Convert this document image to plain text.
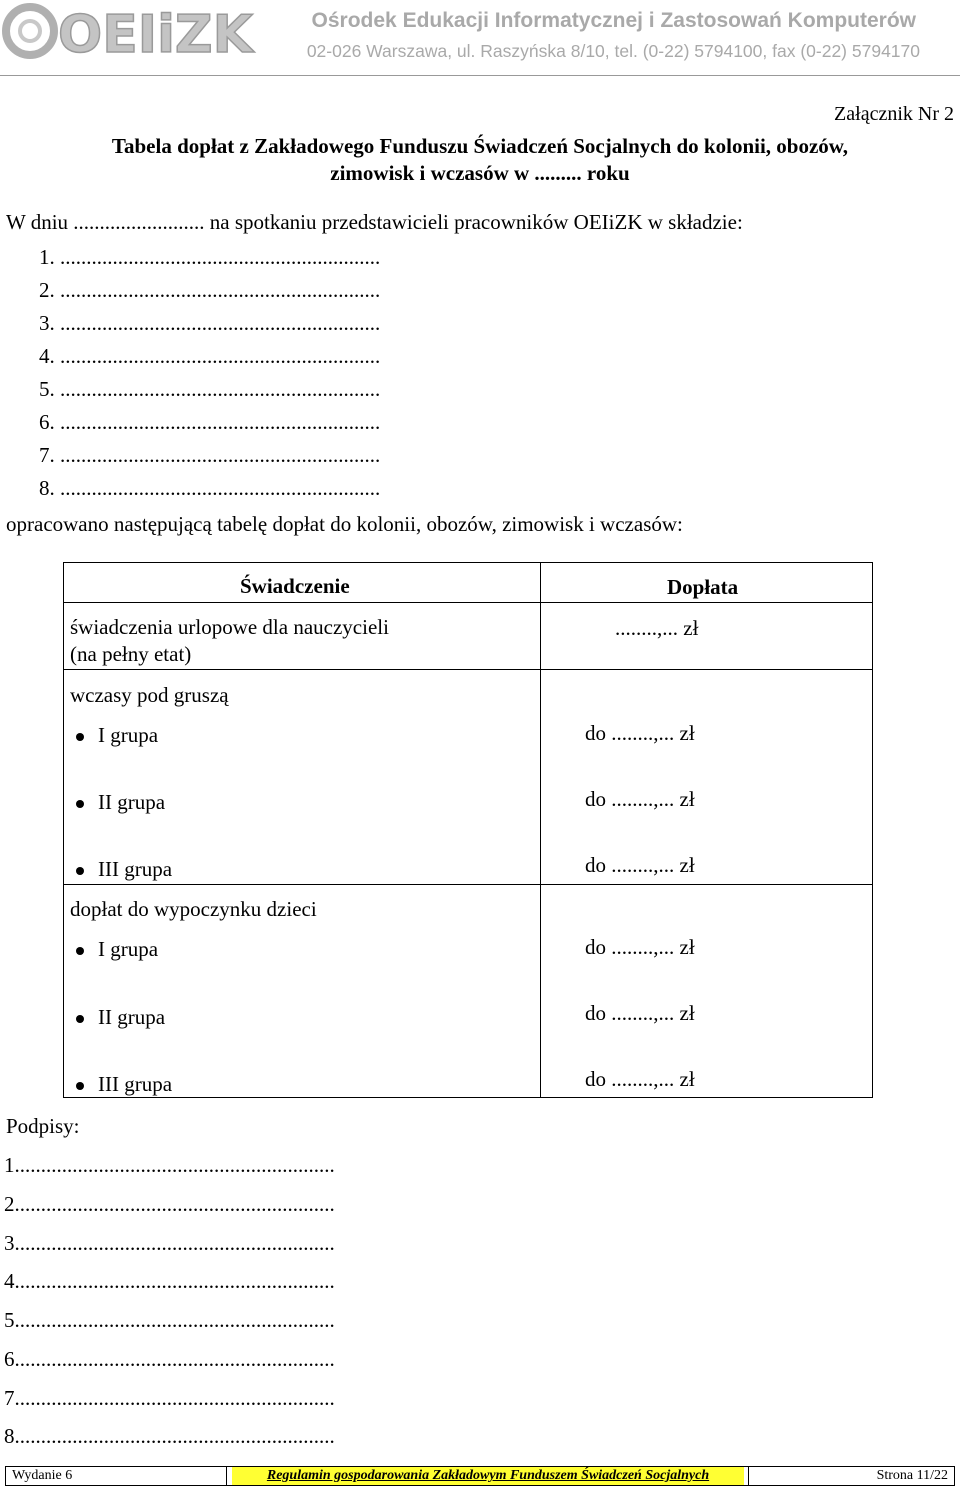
OEIiZK	Ośrodek Edukacji Informatycznej i Zastosowań Komputerów
02-026 Warszawa, ul. Raszyńska 8/10, tel. (0-22) 5794100, fax (0-22) 5794170
Załącznik Nr 2
Tabela dopłat z Zakładowego Funduszu Świadczeń Socjalnych do kolonii, obozów,
zimowisk i wczasów w ......... roku
W dniu ......................... na spotkaniu przedstawicieli pracowników OEIiZK w składzie:
1. .............................................................
2. .............................................................
3. .............................................................
4. .............................................................
5. .............................................................
6. .............................................................
7. .............................................................
8. .............................................................
opracowano następującą tabelę dopłat do kolonii, obozów, zimowisk i wczasów:
Świadczenie	Dopłata
świadczenia urlopowe dla nauczycieli
(na pełny etat)
........,... zł
wczasy pod gruszą
I grupa	do ........,... zł
II grupa	do ........,... zł
III grupa	do ........,... zł
dopłat do wypoczynku dzieci
I grupa	do ........,... zł
II grupa	do ........,... zł
III grupa	do ........,... zł
Podpisy:
1.............................................................
2.............................................................
3.............................................................
4.............................................................
5.............................................................
6.............................................................
7.............................................................
8.............................................................
Wydanie 6	Regulamin gospodarowania Zakładowym Funduszem Świadczeń Socjalnych	Strona 11/22
